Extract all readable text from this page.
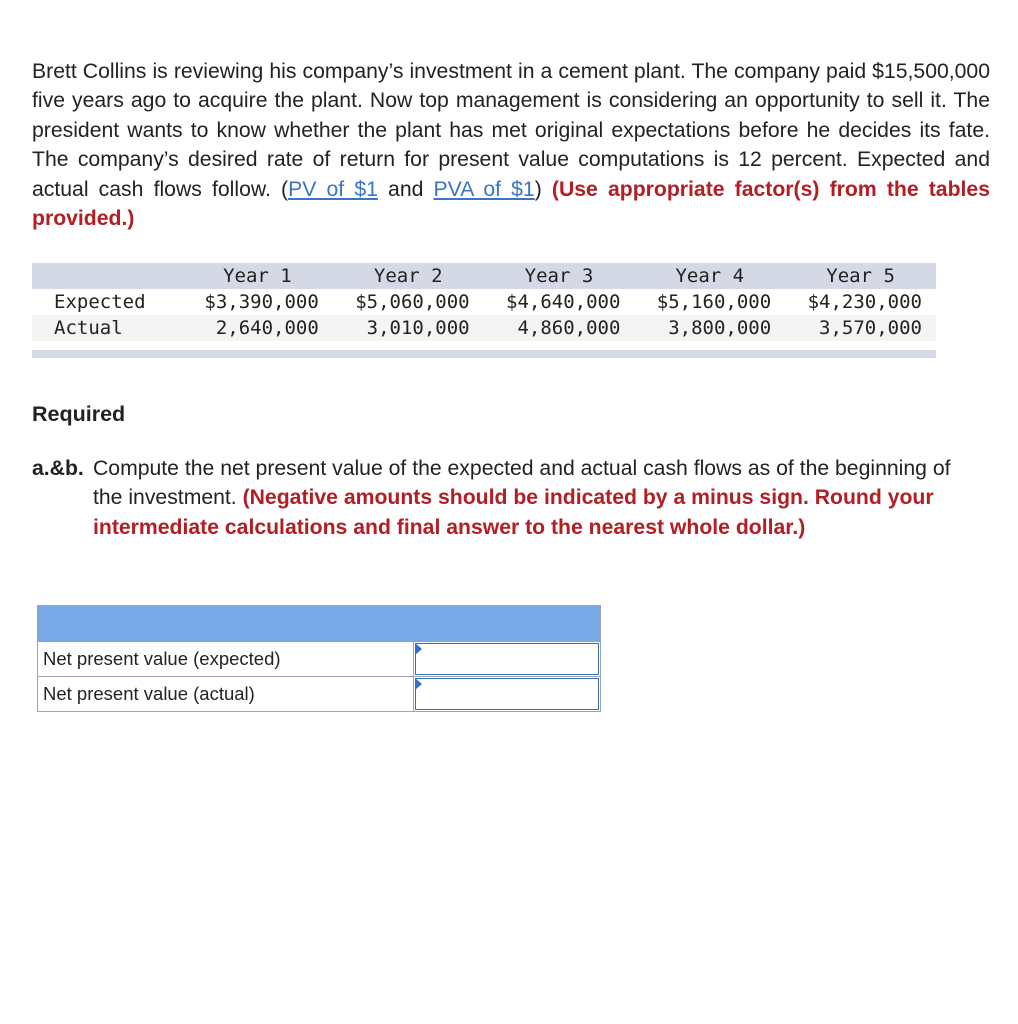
Brett Collins is reviewing his company’s investment in a cement plant. The company paid $15,500,000 five years ago to acquire the plant. Now top management is considering an opportunity to sell it. The president wants to know whether the plant has met original expectations before he decides its fate. The company’s desired rate of return for present value computations is 12 percent. Expected and actual cash flows follow. (PV of $1 and PVA of $1) (Use appropriate factor(s) from the tables provided.)

	Year 1	Year 2	Year 3	Year 4	Year 5
Expected	$3,390,000	$5,060,000	$4,640,000	$5,160,000	$4,230,000
Actual	2,640,000	3,010,000	4,860,000	3,800,000	3,570,000

Required

a.&b. Compute the net present value of the expected and actual cash flows as of the beginning of the investment. (Negative amounts should be indicated by a minus sign. Round your intermediate calculations and final answer to the nearest whole dollar.)

Net present value (expected)	

Net present value (actual)	
